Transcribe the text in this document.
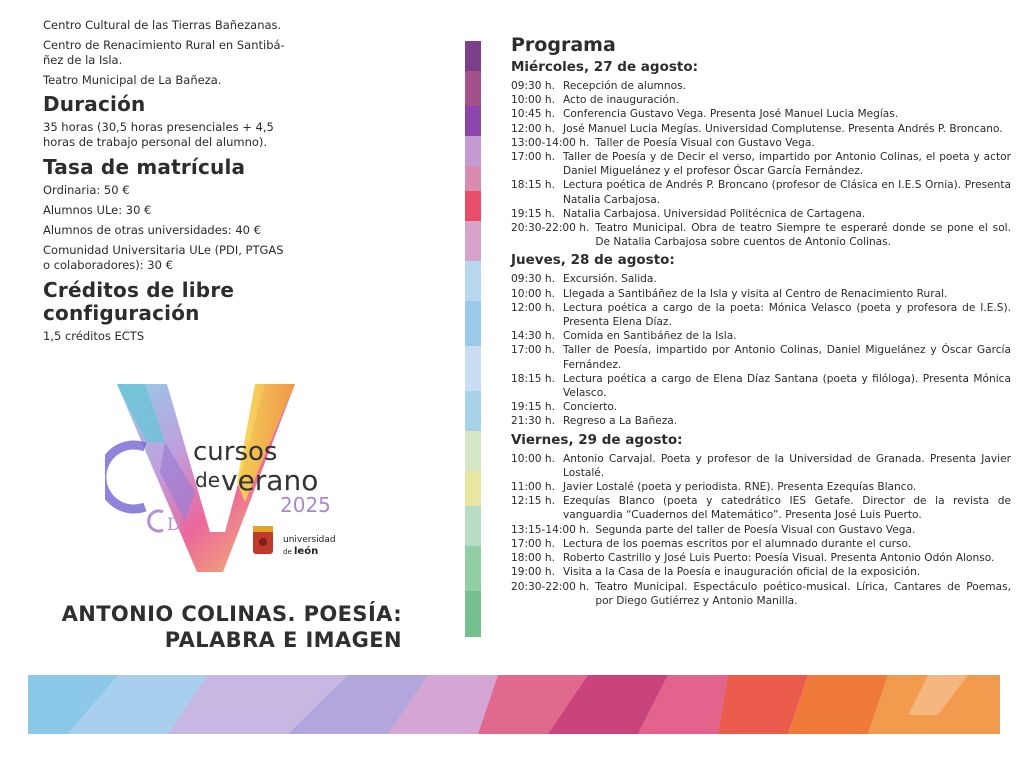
Centro Cultural de las Tierras Bañezanas.

Centro de Renacimiento Rural en Santibá-
ñez de la Isla.

Teatro Municipal de La Bañeza.

Duración

35 horas (30,5 horas presenciales + 4,5
horas de trabajo personal del alumno).

Tasa de matrícula

Ordinaria: 50 €

Alumnos ULe: 30 €

Alumnos de otras universidades: 40 €

Comunidad Universitaria ULe (PDI, PTGAS
o colaboradores): 30 €

Créditos de libre
configuración

1,5 créditos ECTS

D
cursos
de verano
2025
universidad
de león
ANTONIO COLINAS. POESÍA:
PALABRA E IMAGEN
Programa
Miércoles, 27 de agosto:
09:30 h. Recepción de alumnos.
10:00 h. Acto de inauguración.
10:45 h. Conferencia Gustavo Vega. Presenta José Manuel Lucia Megías.
12:00 h. José Manuel Lucia Megías. Universidad Complutense. Presenta Andrés P. Broncano.
13:00-14:00 h. Taller de Poesía Visual con Gustavo Vega.
17:00 h. Taller de Poesía y de Decir el verso, impartido por Antonio Colinas, el poeta y actor Daniel Miguelánez y el profesor Óscar García Fernández.
18:15 h. Lectura poética de Andrés P. Broncano (profesor de Clásica en I.E.S Ornia). Presenta Natalia Carbajosa.
19:15 h. Natalia Carbajosa. Universidad Politécnica de Cartagena.
20:30-22:00 h. Teatro Municipal. Obra de teatro Siempre te esperaré donde se pone el sol. De Natalia Carbajosa sobre cuentos de Antonio Colinas.
Jueves, 28 de agosto:
09:30 h. Excursión. Salida.
10:00 h. Llegada a Santibáñez de la Isla y visita al Centro de Renacimiento Rural.
12:00 h. Lectura poética a cargo de la poeta: Mónica Velasco (poeta y profesora de I.E.S). Presenta Elena Díaz.
14:30 h. Comida en Santibáñez de la Isla.
17:00 h. Taller de Poesía, impartido por Antonio Colinas, Daniel Miguelánez y Óscar García Fernández.
18:15 h. Lectura poética a cargo de Elena Díaz Santana (poeta y filóloga). Presenta Mónica Velasco.
19:15 h. Concierto.
21:30 h. Regreso a La Bañeza.
Viernes, 29 de agosto:
10:00 h. Antonio Carvajal. Poeta y profesor de la Universidad de Granada. Presenta Javier Lostalé.
11:00 h. Javier Lostalé (poeta y periodista. RNE). Presenta Ezequías Blanco.
12:15 h. Ezequías Blanco (poeta y catedrático IES Getafe. Director de la revista de vanguardia “Cuadernos del Matemático”. Presenta José Luis Puerto.
13:15-14:00 h. Segunda parte del taller de Poesía Visual con Gustavo Vega.
17:00 h. Lectura de los poemas escritos por el alumnado durante el curso.
18:00 h. Roberto Castrillo y José Luis Puerto: Poesía Visual. Presenta Antonio Odón Alonso.
19:00 h. Visita a la Casa de la Poesía e inauguración oficial de la exposición.
20:30-22:00 h. Teatro Municipal. Espectáculo poético-musical. Lírica, Cantares de Poemas, por Diego Gutiérrez y Antonio Manilla.
